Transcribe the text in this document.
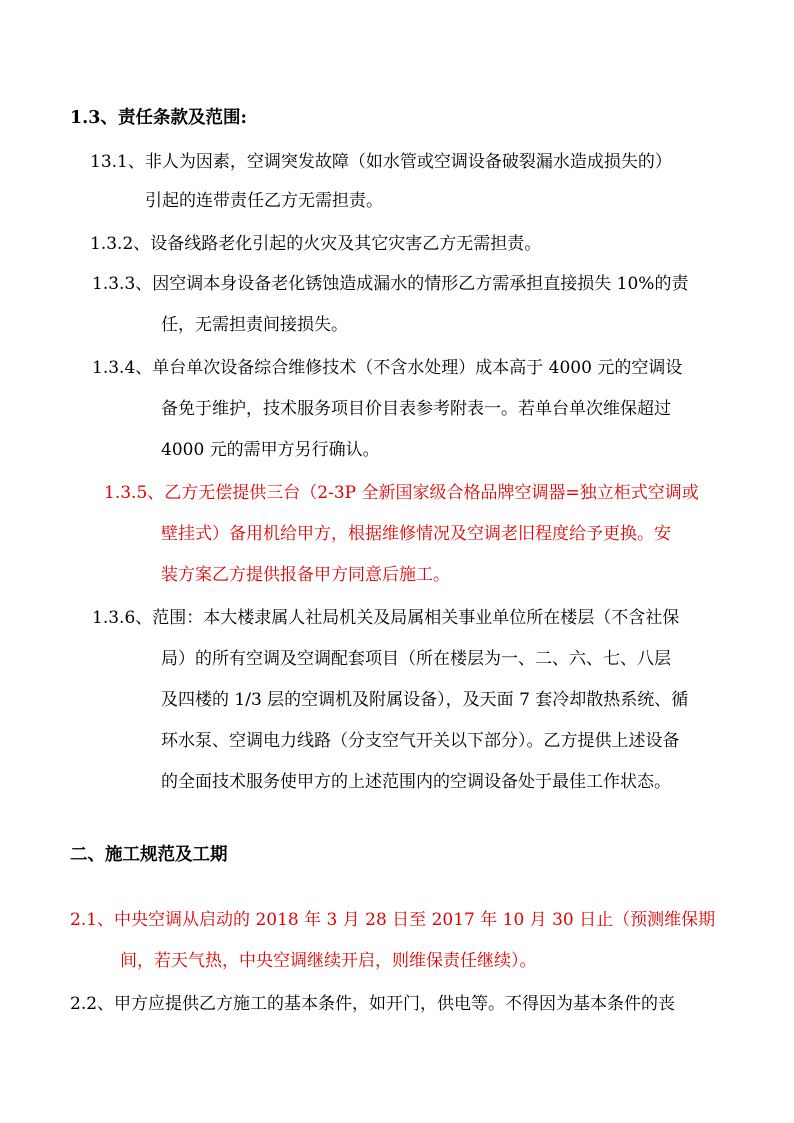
1.3、责任条款及范围:
13.1、非人为因素，空调突发故障（如水管或空调设备破裂漏水造成损失的）
引起的连带责任乙方无需担责。
1.3.2、设备线路老化引起的火灾及其它灾害乙方无需担责。
1.3.3、因空调本身设备老化锈蚀造成漏水的情形乙方需承担直接损失 10%的责
任，无需担责间接损失。
1.3.4、单台单次设备综合维修技术（不含水处理）成本高于 4000 元的空调设
备免于维护，技术服务项目价目表参考附表一。若单台单次维保超过
4000 元的需甲方另行确认。
1.3.5、乙方无偿提供三台（2-3P 全新国家级合格品牌空调器=独立柜式空调或
壁挂式）备用机给甲方，根据维修情况及空调老旧程度给予更换。安
装方案乙方提供报备甲方同意后施工。
1.3.6、范围：本大楼隶属人社局机关及局属相关事业单位所在楼层（不含社保
局）的所有空调及空调配套项目（所在楼层为一、二、六、七、八层
及四楼的 1/3 层的空调机及附属设备），及天面 7 套冷却散热系统、循
环水泵、空调电力线路（分支空气开关以下部分）。乙方提供上述设备
的全面技术服务使甲方的上述范围内的空调设备处于最佳工作状态。
二、施工规范及工期
2.1、中央空调从启动的 2018 年 3 月 28 日至 2017 年 10 月 30 日止（预测维保期
间，若天气热，中央空调继续开启，则维保责任继续）。
2.2、甲方应提供乙方施工的基本条件，如开门，供电等。不得因为基本条件的丧
